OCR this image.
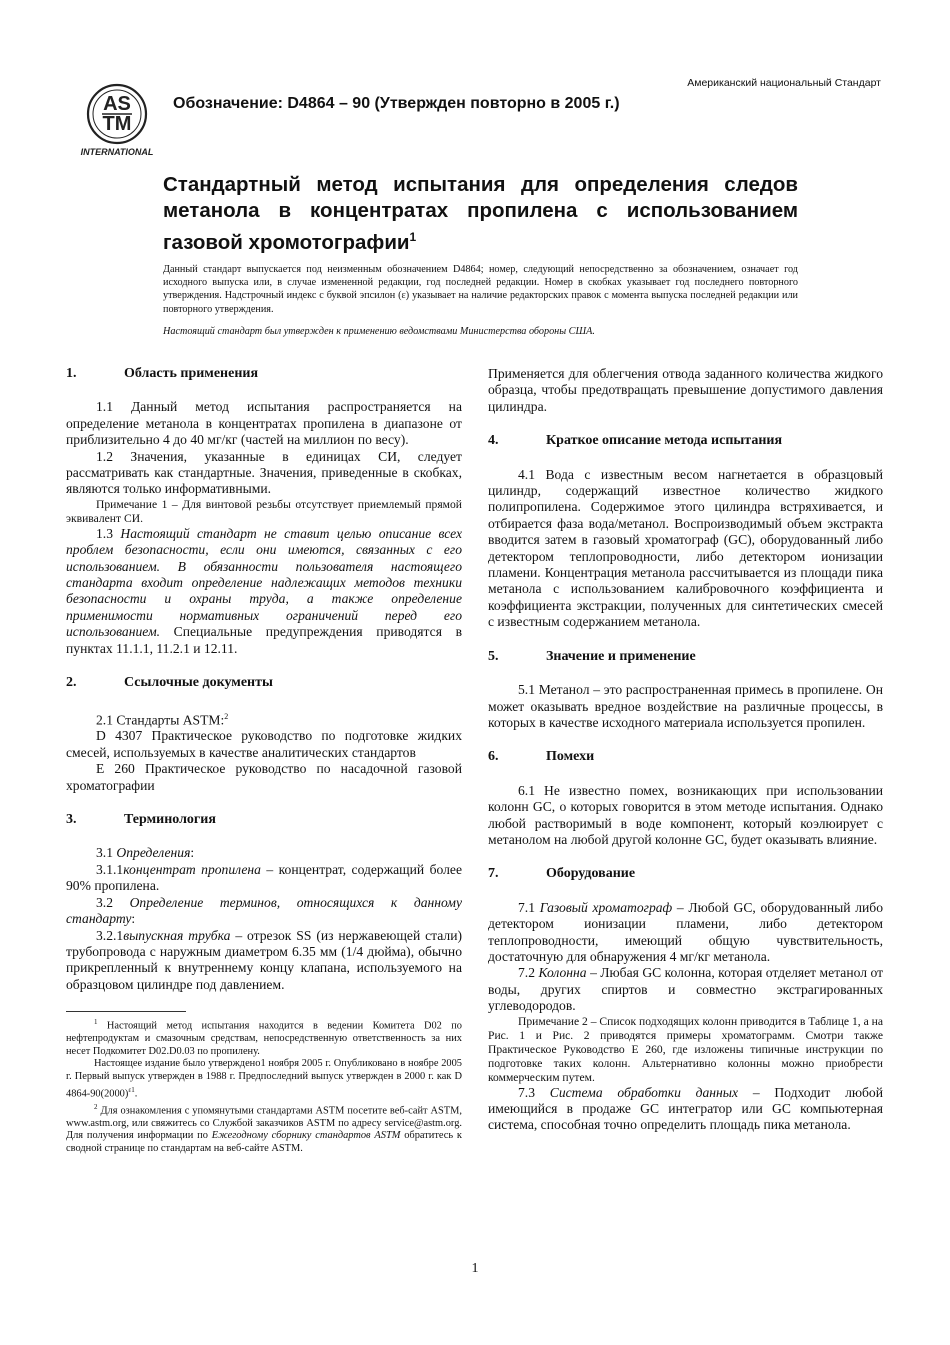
Американский национальный Стандарт
AS
TM
INTERNATIONAL
Обозначение: D4864 – 90 (Утвержден повторно в 2005 г.)
Стандартный метод испытания для определения следов метанола в концентратах пропилена с использованием газовой хромотографии$^1$
Данный стандарт выпускается под неизменным обозначением D4864; номер, следующий непосредственно за обозначением, означает год исходного выпуска или, в случае измененной редакции, год последней редакции. Номер в скобках указывает год последнего повторного утверждения. Надстрочный индекс с буквой эпсилон (ε) указывает на наличие редакторских правок с момента выпуска последней редакции или повторного утверждения.
Настоящий стандарт был утвержден к применению ведомствами Министерства обороны США.
1.	Область применения

1.1 Данный метод испытания распространяется на определение метанола в концентратах пропилена в диапазоне от приблизительно 4 до 40 мг/кг (частей на миллион по весу).

1.2 Значения, указанные в единицах СИ, следует рассматривать как стандартные. Значения, приведенные в скобках, являются только информативными.

Примечание 1 – Для винтовой резьбы отсутствует приемлемый прямой эквивалент СИ.

1.3 Настоящий стандарт не ставит целью описание всех проблем безопасности, если они имеются, связанных с его использованием. В обязанности пользователя настоящего стандарта входит определение надлежащих методов техники безопасности и охраны труда, а также определение применимости нормативных ограничений перед его использованием. Специальные предупреждения приводятся в пунктах 11.1.1, 11.2.1 и 12.11.

2.	Ссылочные документы

2.1 Стандарты ASTM:$^2$

D 4307 Практическое руководство по подготовке жидких смесей, используемых в качестве аналитических стандартов

E 260 Практическое руководство по насадочной газовой хроматографии

3.	Терминология

3.1 Определения:

3.1.1концентрат пропилена – концентрат, содержащий более 90% пропилена.

3.2 Определение терминов, относящихся к данному стандарту:

3.2.1выпускная трубка – отрезок SS (из нержавеющей стали) трубопровода с наружным диаметром 6.35 мм (1/4 дюйма), обычно прикрепленный к внутреннему концу клапана, используемого на образцовом цилиндре под давлением.

$^1$ Настоящий метод испытания находится в ведении Комитета D02 по нефтепродуктам и смазочным средствам, непосредственную ответственность за них несет Подкомитет D02.D0.03 по пропилену.

Настоящее издание было утверждено1 ноября 2005 г. Опубликовано в ноябре 2005 г. Первый выпуск утвержден в 1988 г. Предпоследний выпуск утвержден в 2000 г. как D $4864-90(2000)^{\varepsilon 1}$.

$^2$ Для ознакомления с упомянутыми стандартами ASTM посетите веб-сайт ASTM, www.astm.org, или свяжитесь со Службой заказчиков ASTM по адресу service@astm.org. Для получения информации по Ежегодному сборнику стандартов ASTM обратитесь к сводной странице по стандартам на веб-сайте ASTM.

Применяется для облегчения отвода заданного количества жидкого образца, чтобы предотвращать превышение допустимого давления цилиндра.

4.	Краткое описание метода испытания

4.1 Вода с известным весом нагнетается в образцовый цилиндр, содержащий известное количество жидкого полипропилена. Содержимое этого цилиндра встряхивается, и отбирается фаза вода/метанол. Воспроизводимый объем экстракта вводится затем в газовый хроматограф (GC), оборудованный либо детектором теплопроводности, либо детектором ионизации пламени. Концентрация метанола рассчитывается из площади пика метанола с использованием калибровочного коэффициента и коэффициента экстракции, полученных для синтетических смесей с известным содержанием метанола.

5.	Значение и применение

5.1 Метанол – это распространенная примесь в пропилене. Он может оказывать вредное воздействие на различные процессы, в которых в качестве исходного материала используется пропилен.

6.	Помехи

6.1 Не известно помех, возникающих при использовании колонн GC, о которых говорится в этом методе испытания. Однако любой растворимый в воде компонент, который коэлюирует с метанолом на любой другой колонне GC, будет оказывать влияние.

7.	Оборудование

7.1 Газовый хроматограф – Любой GC, оборудованный либо детектором ионизации пламени, либо детектором теплопроводности, имеющий общую чувствительность, достаточную для обнаружения 4 мг/кг метанола.

7.2 Колонна – Любая GC колонна, которая отделяет метанол от воды, других спиртов и совместно экстрагированных углеводородов.

Примечание 2 – Список подходящих колонн приводится в Таблице 1, а на Рис. 1 и Рис. 2 приводятся примеры хроматограмм. Смотри также Практическое Руководство E 260, где изложены типичные инструкции по подготовке таких колонн. Альтернативно колонны можно приобрести коммерческим путем.

7.3 Система обработки данных – Подходит любой имеющийся в продаже GC интегратор или GC компьютерная система, способная точно определить площадь пика метанола.

1
